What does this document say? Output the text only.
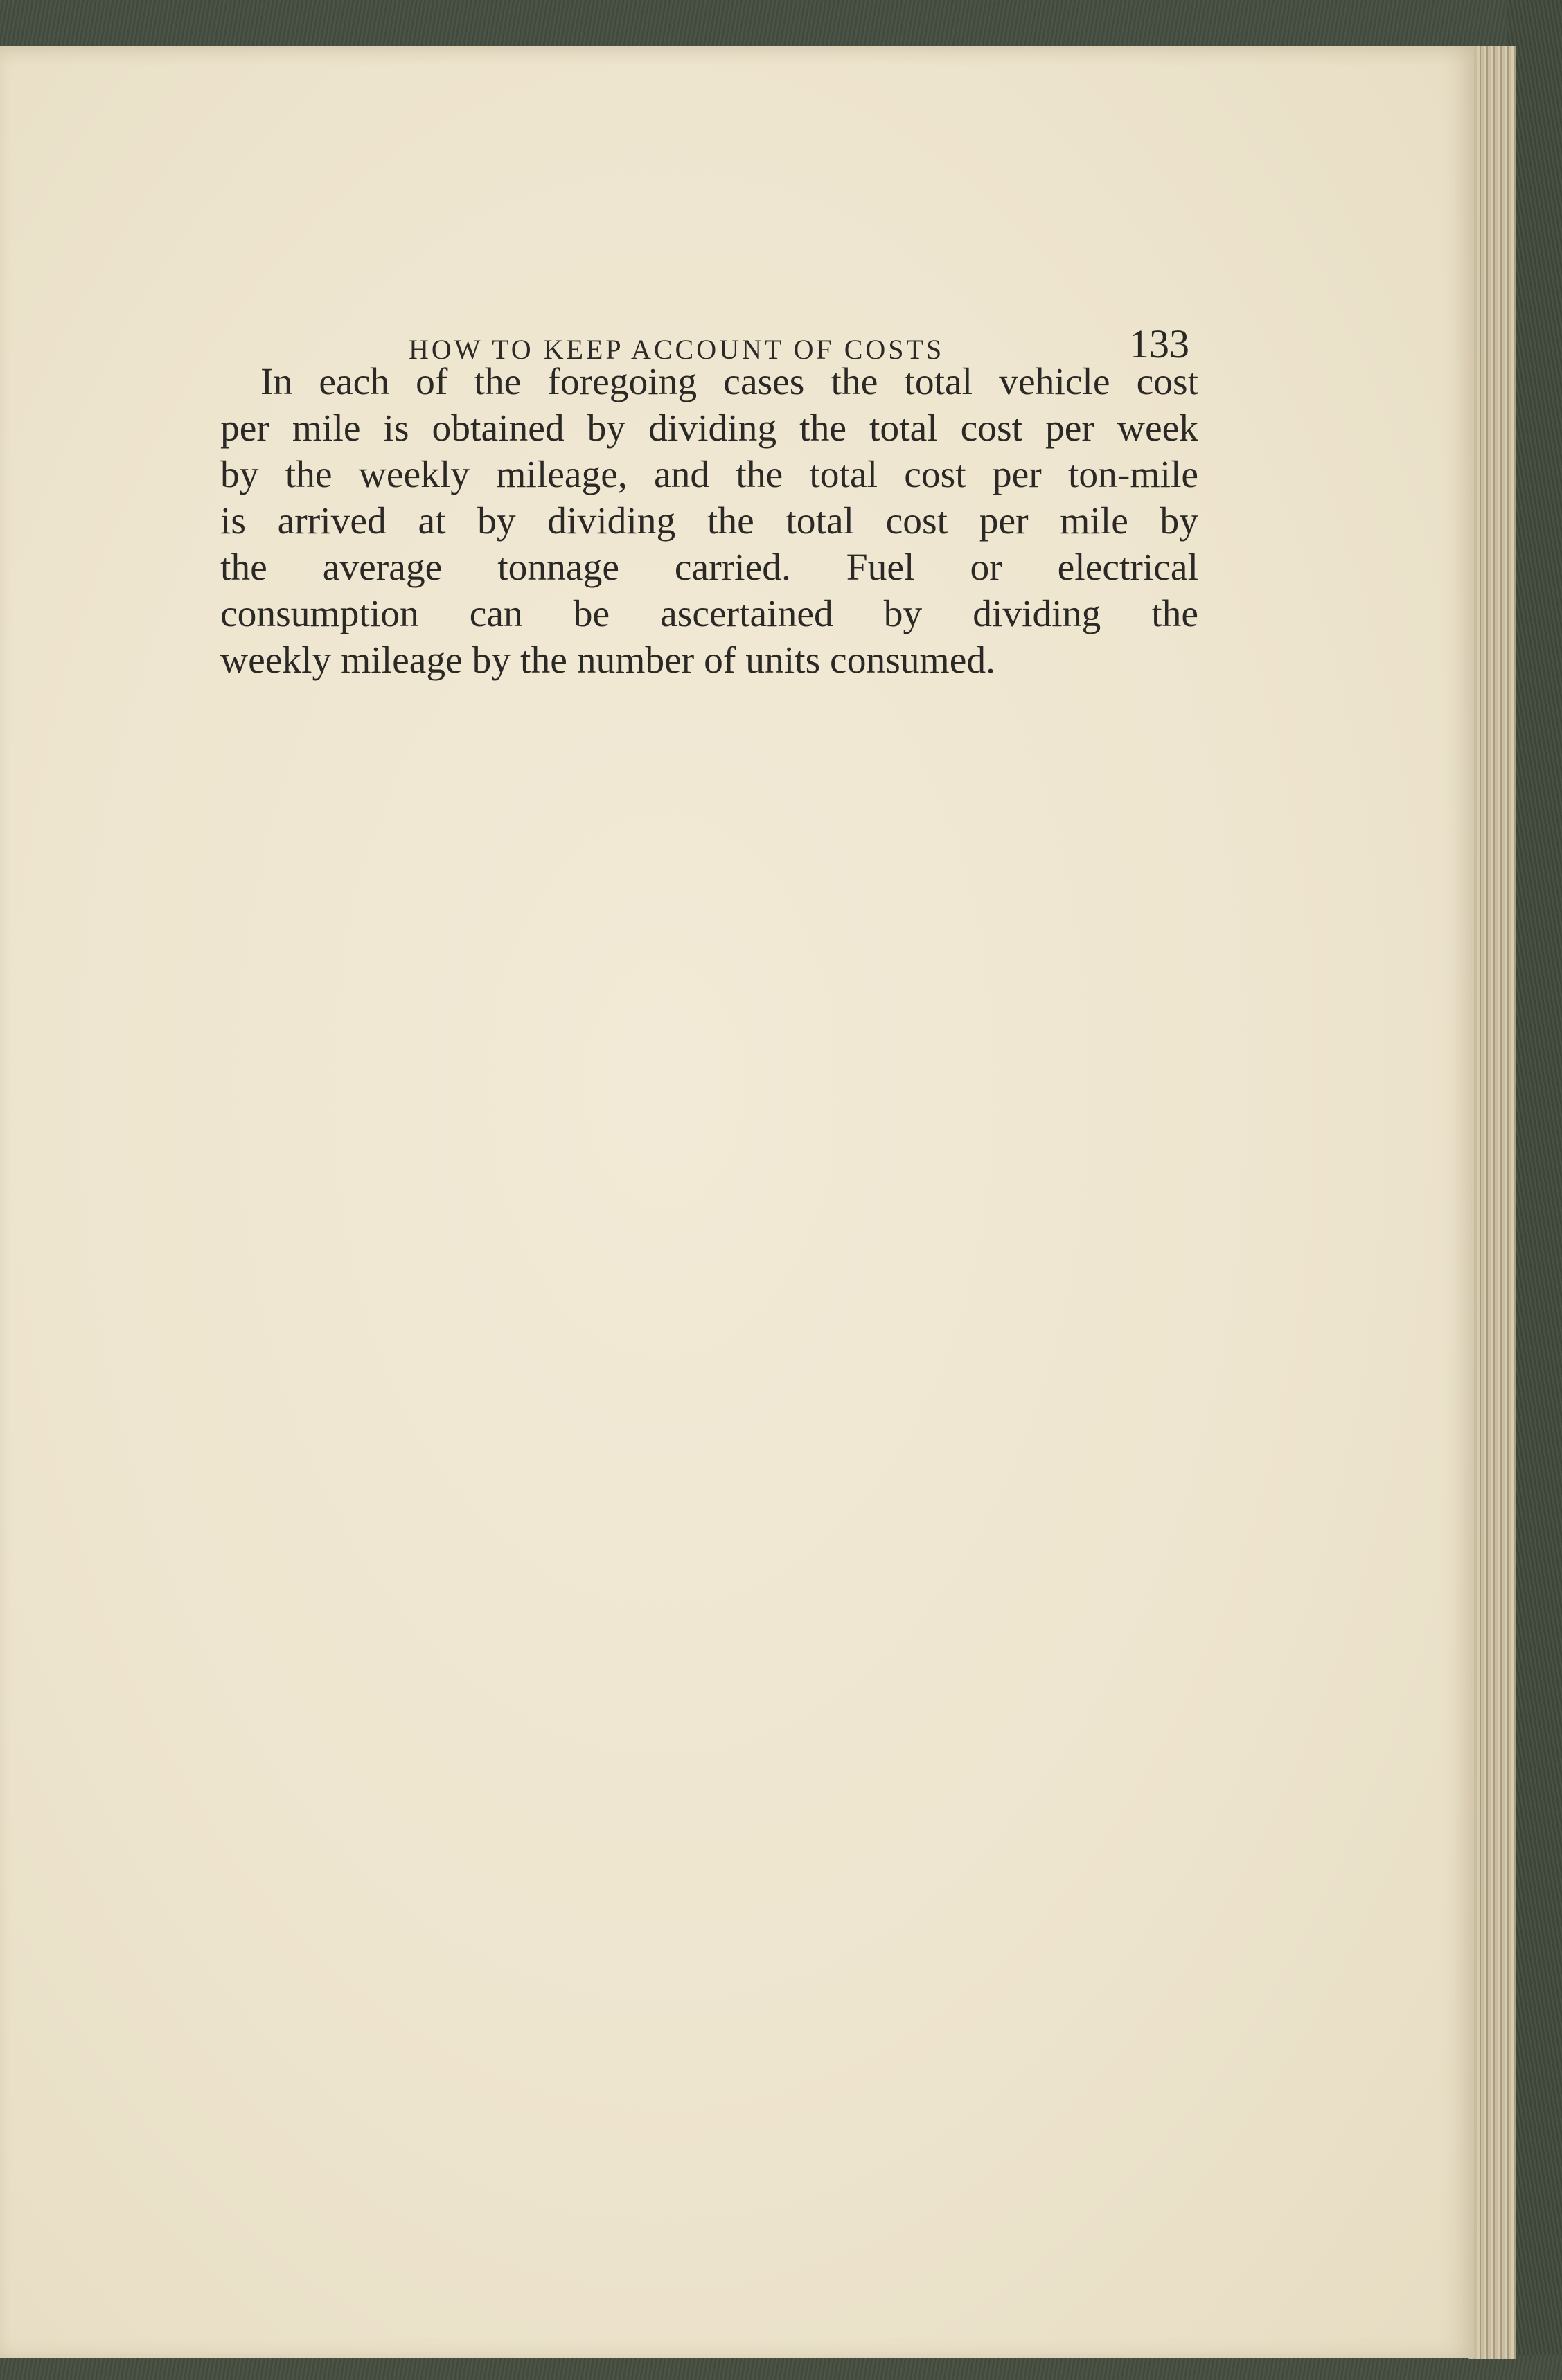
HOW TO KEEP ACCOUNT OF COSTS	133
In each of the foregoing cases the total vehicle cost
per mile is obtained by dividing the total cost per week
by the weekly mileage, and the total cost per ton-mile
is arrived at by dividing the total cost per mile by
the average tonnage carried. Fuel or electrical
consumption can be ascertained by dividing the
weekly mileage by the number of units consumed.
